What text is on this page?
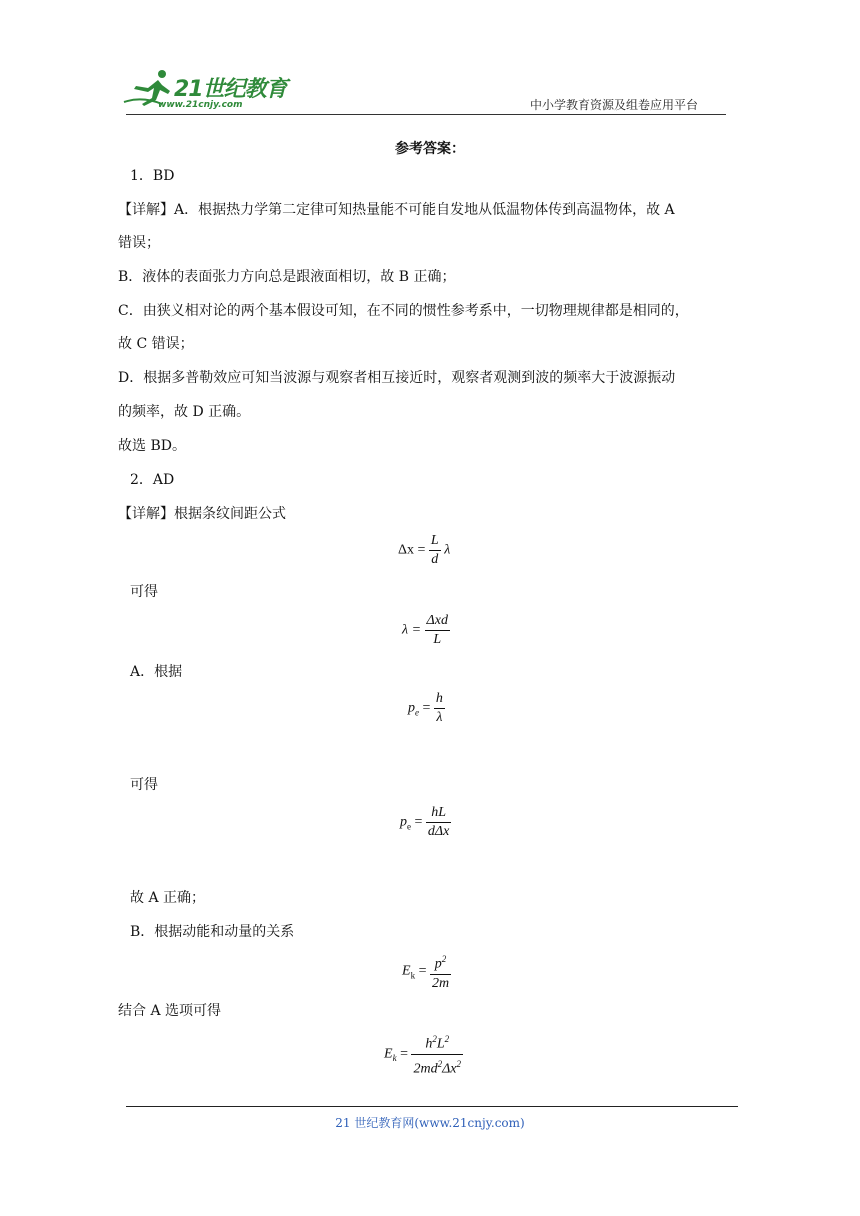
21世纪教育
www.21cnjy.com	中小学教育资源及组卷应用平台
参考答案：
1．BD
【详解】A．根据热力学第二定律可知热量能不可能自发地从低温物体传到高温物体，故 A
错误；
B．液体的表面张力方向总是跟液面相切，故 B 正确；
C．由狭义相对论的两个基本假设可知，在不同的惯性参考系中，一切物理规律都是相同的，
故 C 错误；
D．根据多普勒效应可知当波源与观察者相互接近时，观察者观测到波的频率大于波源振动
的频率，故 D 正确。
故选 BD。
2．AD
【详解】根据条纹间距公式
$\Delta x = \frac{L}{d}$ λ
可得
$\lambda = \frac{\text{Δxd}}{L}$
A．根据
$p_e = \frac{h}{\lambda}$
可得
$p_e = \frac{hL}{\text{dΔx}}$
故 A 正确；
B．根据动能和动量的关系
$E_k = \frac{p^2}{2m}$
结合 A 选项可得
$E_k = \frac{h^2L^2}{2md^2\Delta x^2}$
21 世纪教育网(www.21cnjy.com)
